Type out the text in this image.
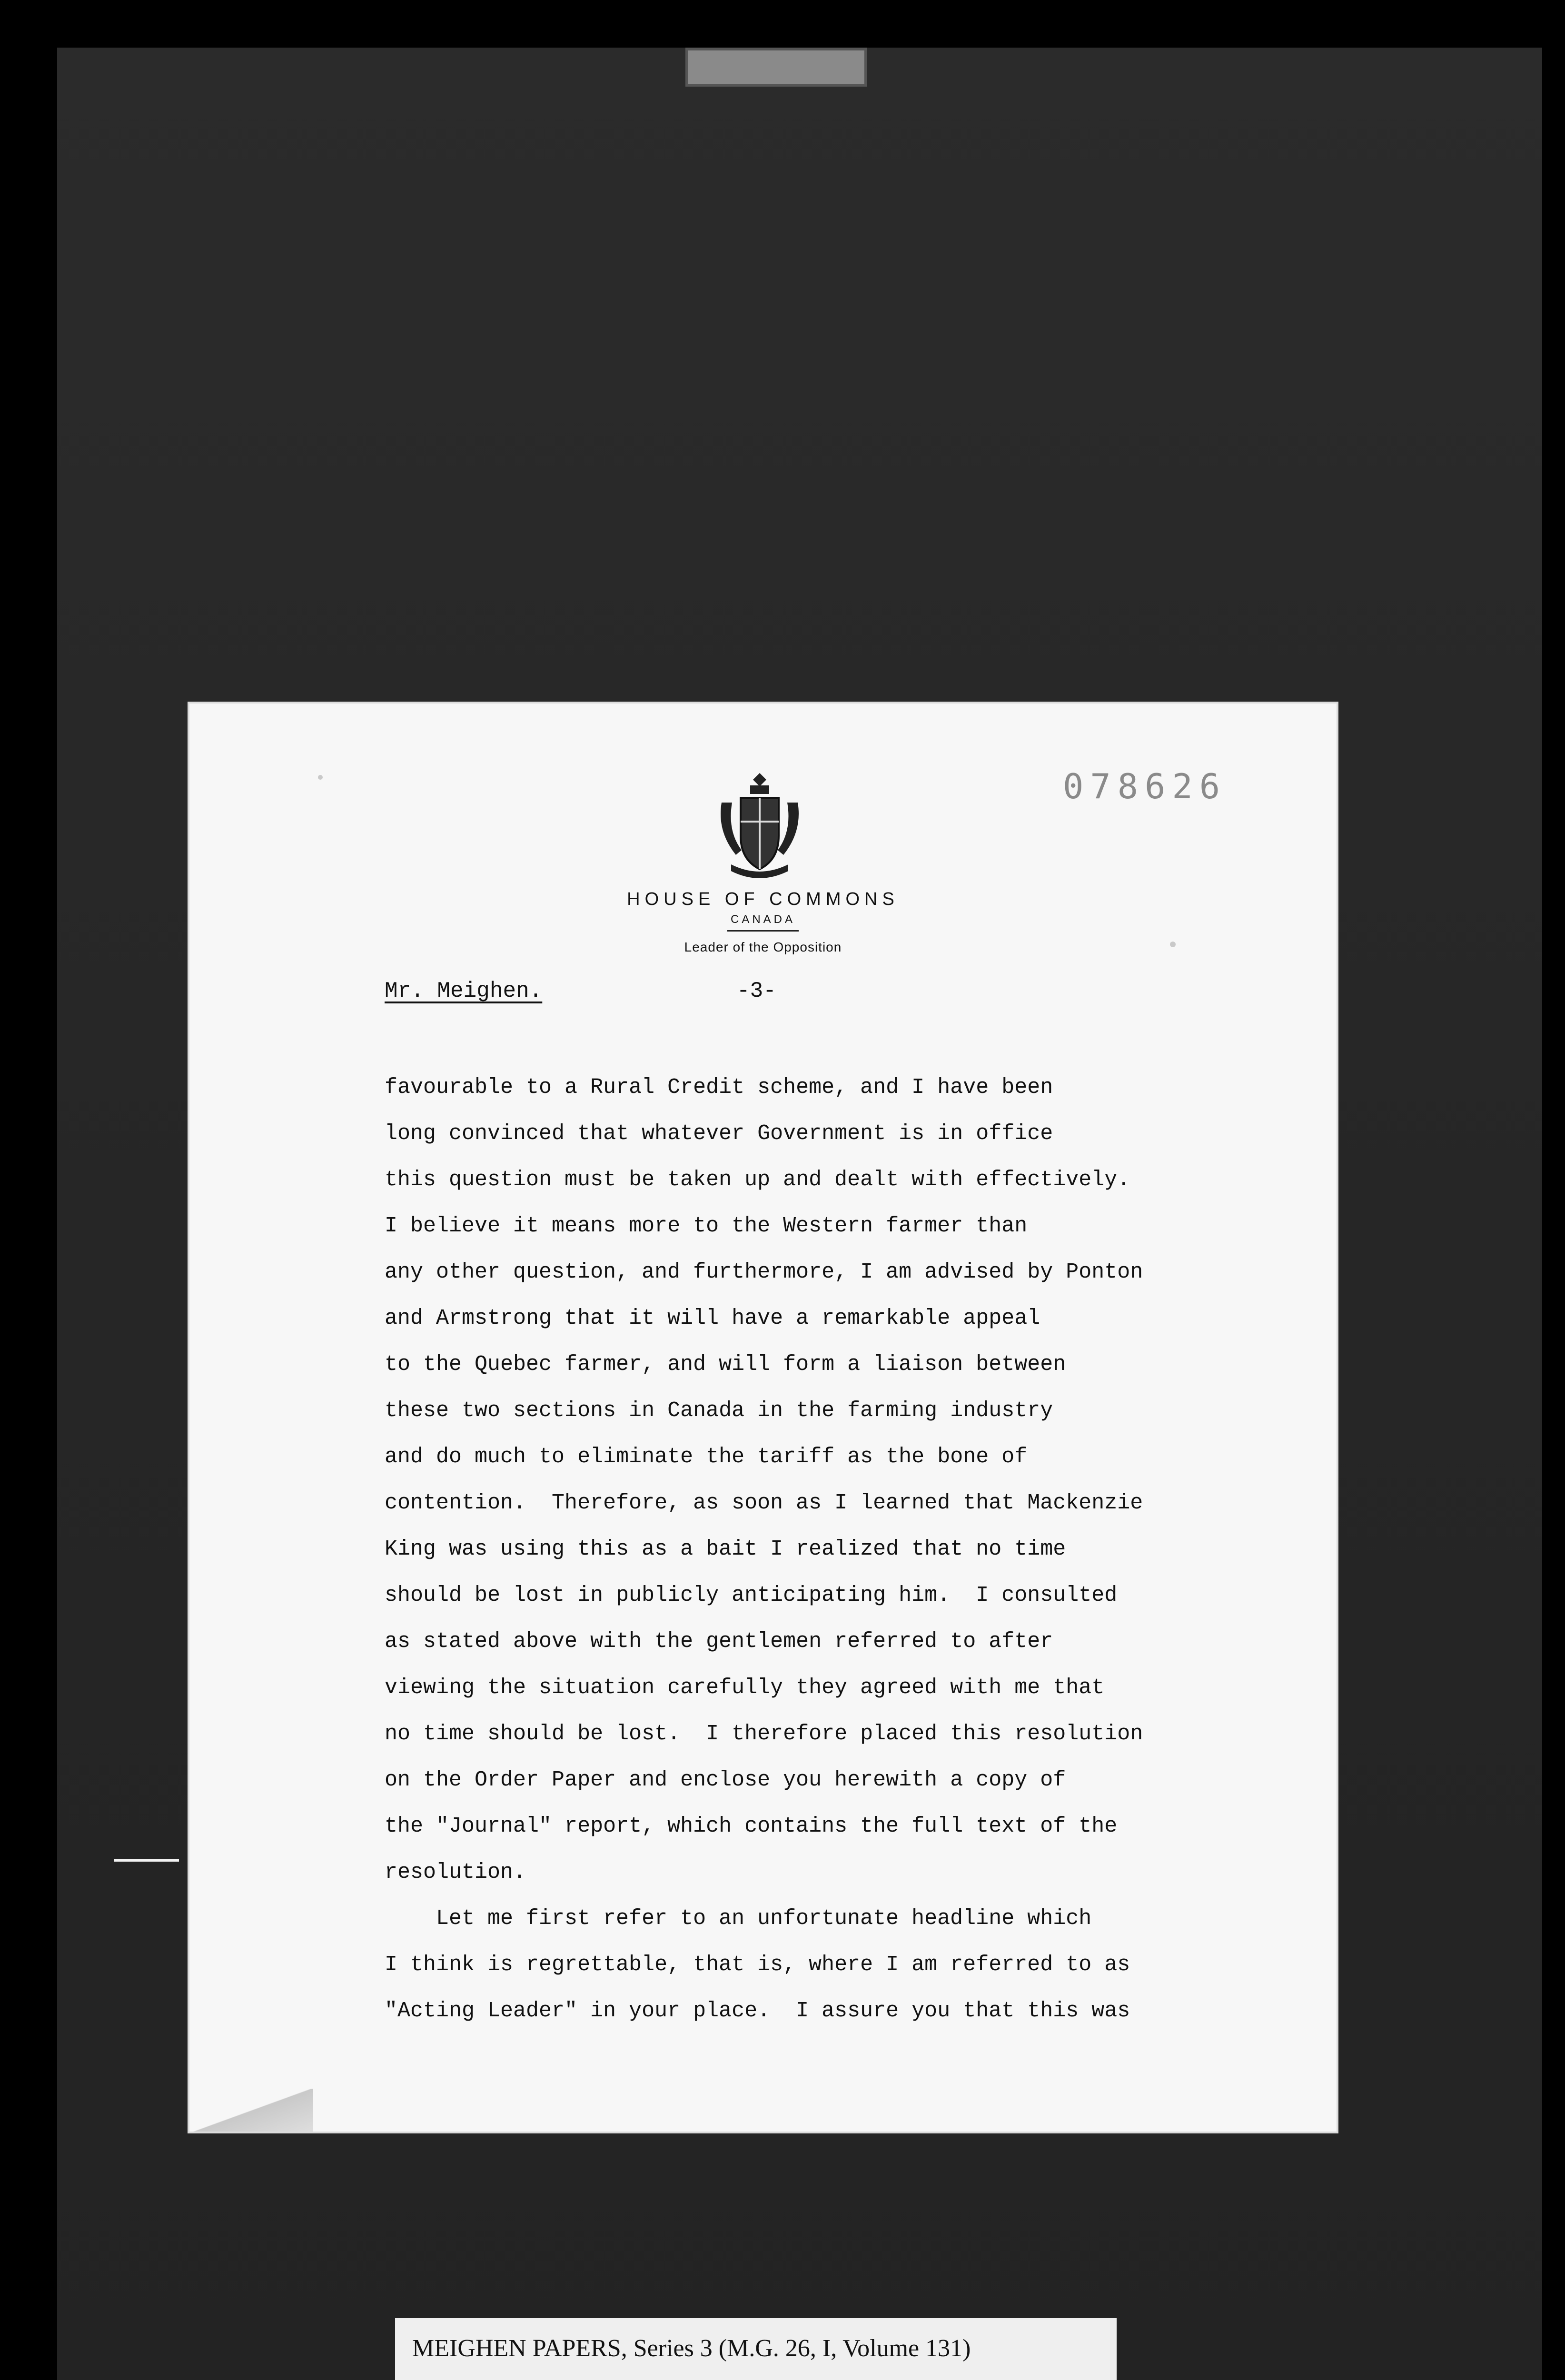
078626
HOUSE OF COMMONS
CANADA
Leader of the Opposition
Mr. Meighen.	-3-
favourable to a Rural Credit scheme, and I have been
long convinced that whatever Government is in office
this question must be taken up and dealt with effectively.
I believe it means more to the Western farmer than
any other question, and furthermore, I am advised by Ponton
and Armstrong that it will have a remarkable appeal
to the Quebec farmer, and will form a liaison between
these two sections in Canada in the farming industry
and do much to eliminate the tariff as the bone of
contention.  Therefore, as soon as I learned that Mackenzie
King was using this as a bait I realized that no time
should be lost in publicly anticipating him.  I consulted
as stated above with the gentlemen referred to after
viewing the situation carefully they agreed with me that
no time should be lost.  I therefore placed this resolution
on the Order Paper and enclose you herewith a copy of
the "Journal" report, which contains the full text of the
resolution.
Let me first refer to an unfortunate headline which
I think is regrettable, that is, where I am referred to as
"Acting Leader" in your place.  I assure you that this was
MEIGHEN PAPERS, Series 3 (M.G. 26, I, Volume 131)
